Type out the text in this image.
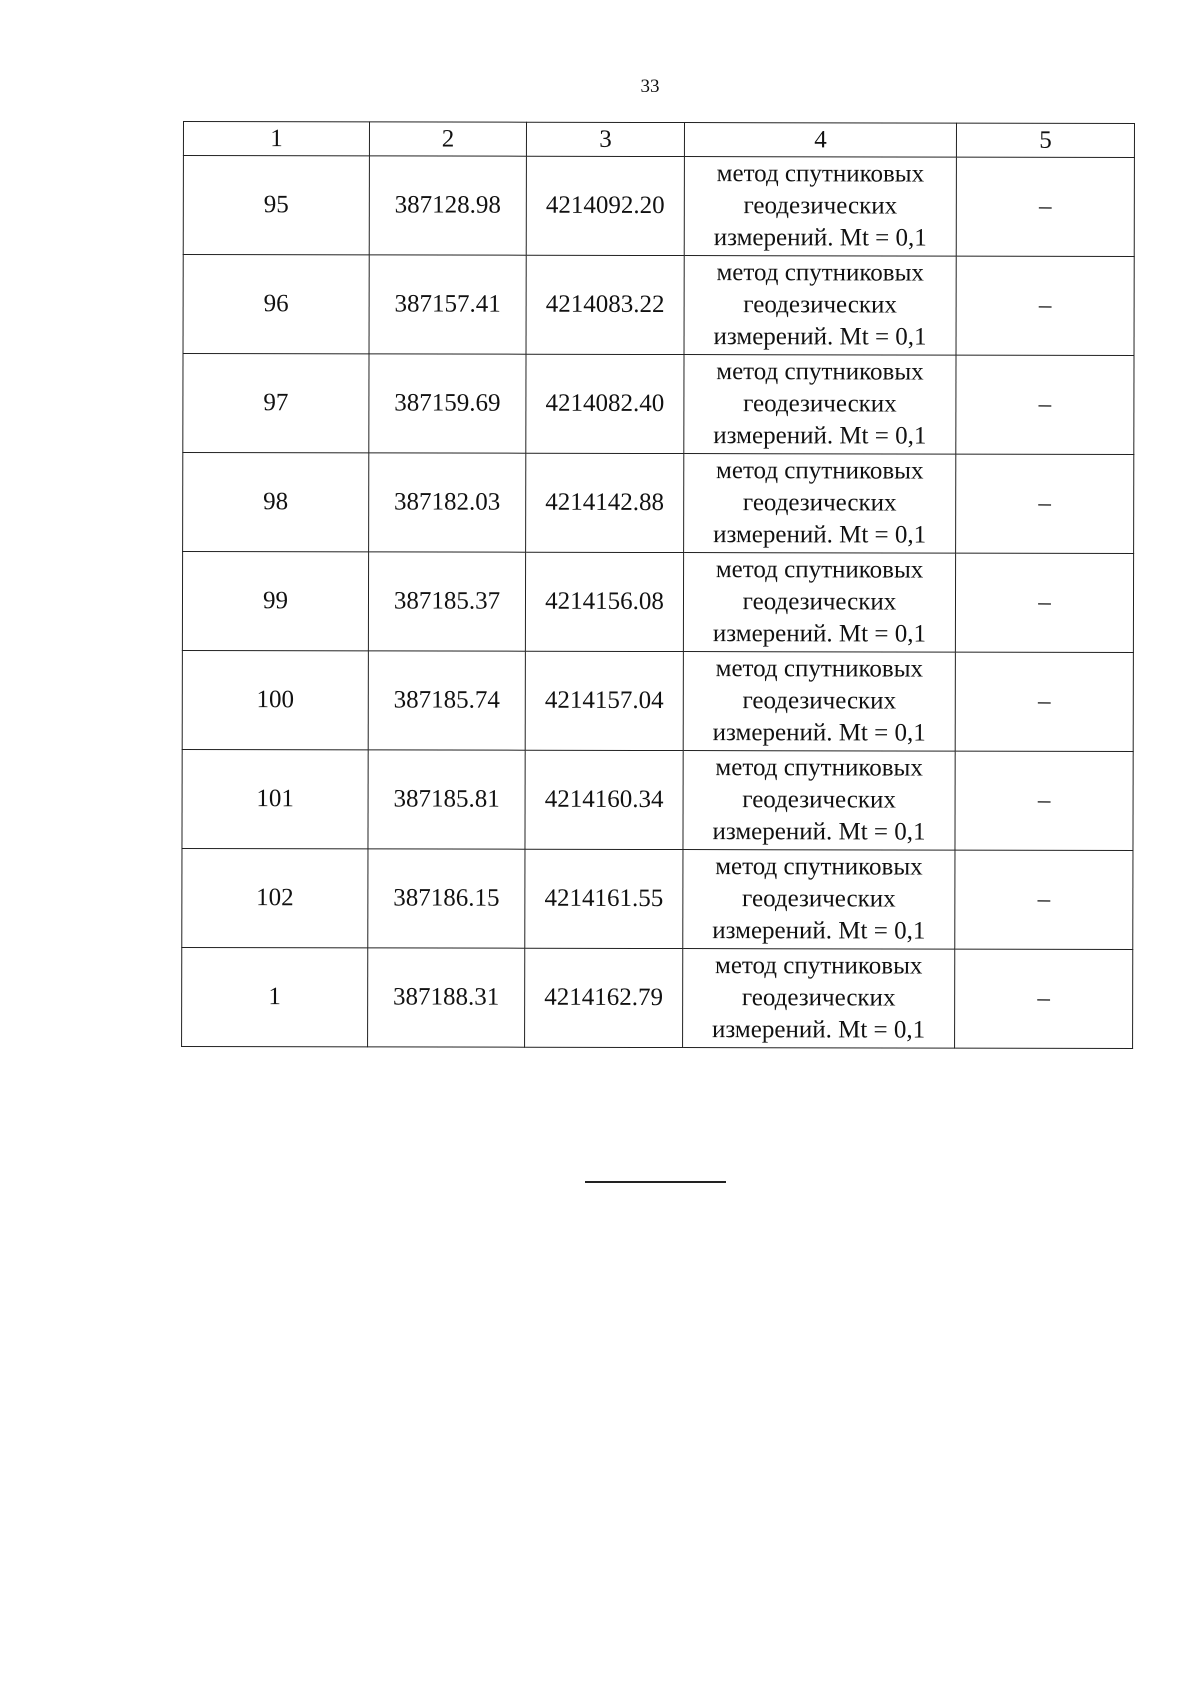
33
1	2	3	4	5
95	387128.98	4214092.20	метод спутниковых
геодезических
измерений. Mt = 0,1	–
96	387157.41	4214083.22	метод спутниковых
геодезических
измерений. Mt = 0,1	–
97	387159.69	4214082.40	метод спутниковых
геодезических
измерений. Mt = 0,1	–
98	387182.03	4214142.88	метод спутниковых
геодезических
измерений. Mt = 0,1	–
99	387185.37	4214156.08	метод спутниковых
геодезических
измерений. Mt = 0,1	–
100	387185.74	4214157.04	метод спутниковых
геодезических
измерений. Mt = 0,1	–
101	387185.81	4214160.34	метод спутниковых
геодезических
измерений. Mt = 0,1	–
102	387186.15	4214161.55	метод спутниковых
геодезических
измерений. Mt = 0,1	–
1	387188.31	4214162.79	метод спутниковых
геодезических
измерений. Mt = 0,1	–
